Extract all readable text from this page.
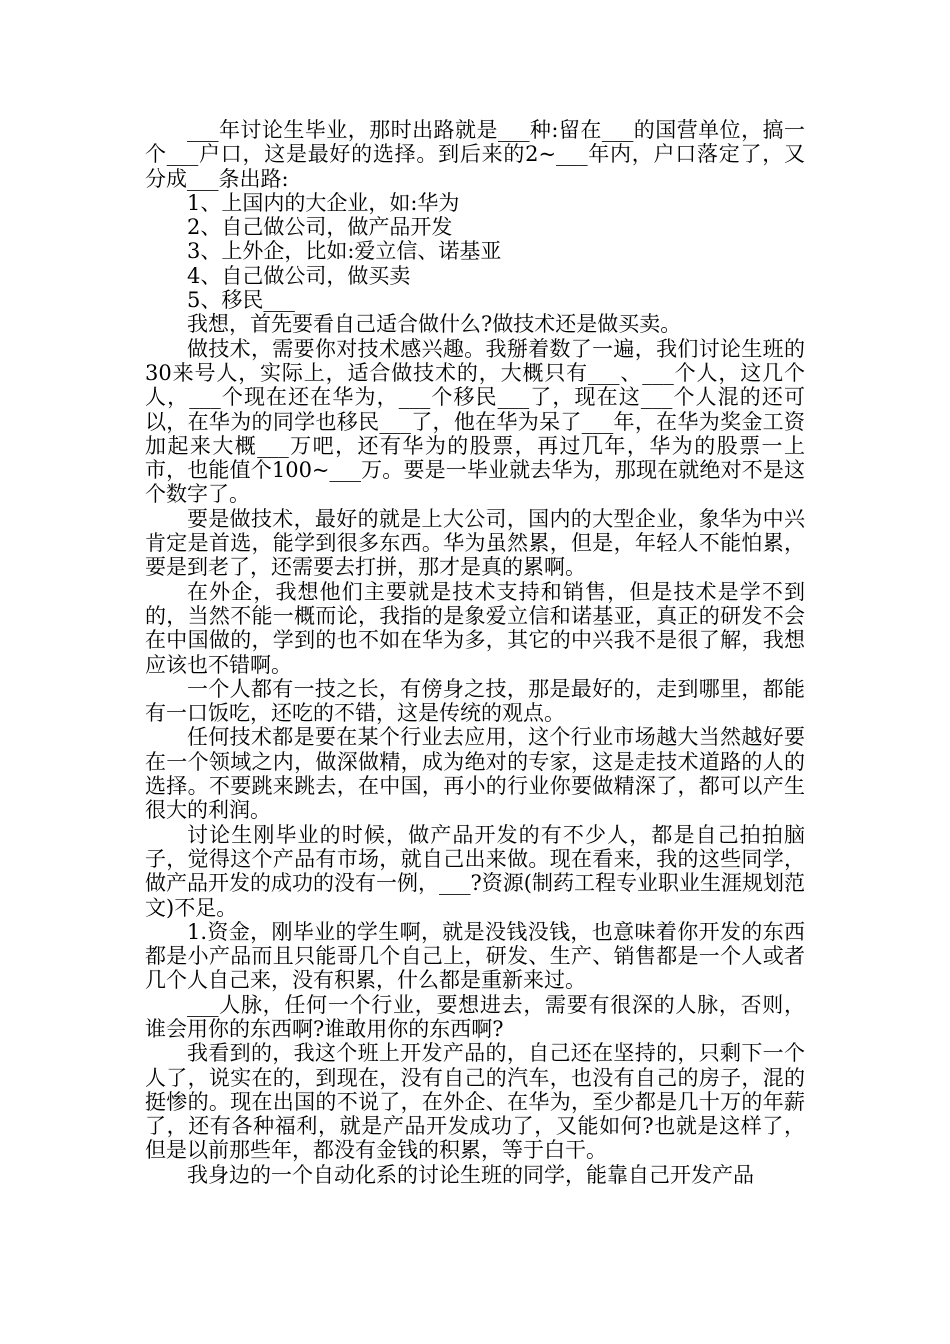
___年讨论生毕业，那时出路就是___种:留在___的国营单位，搞一个___户口，这是最好的选择。到后来的2~___年内，户口落定了，又分成___条出路:

1、上国内的大企业，如:华为

2、自己做公司，做产品开发

3、上外企，比如:爱立信、诺基亚

4、自己做公司，做买卖

5、移民___

我想，首先要看自己适合做什么?做技术还是做买卖。

做技术，需要你对技术感兴趣。我掰着数了一遍，我们讨论生班的30来号人，实际上，适合做技术的，大概只有___、___个人，这几个人，___个现在还在华为，___个移民___了，现在这___个人混的还可以，在华为的同学也移民___了，他在华为呆了___年，在华为奖金工资加起来大概___万吧，还有华为的股票，再过几年，华为的股票一上市，也能值个100~___万。要是一毕业就去华为，那现在就绝对不是这个数字了。

要是做技术，最好的就是上大公司，国内的大型企业，象华为中兴肯定是首选，能学到很多东西。华为虽然累，但是，年轻人不能怕累，要是到老了，还需要去打拼，那才是真的累啊。

在外企，我想他们主要就是技术支持和销售，但是技术是学不到的，当然不能一概而论，我指的是象爱立信和诺基亚，真正的研发不会在中国做的，学到的也不如在华为多，其它的中兴我不是很了解，我想应该也不错啊。

一个人都有一技之长，有傍身之技，那是最好的，走到哪里，都能有一口饭吃，还吃的不错，这是传统的观点。

任何技术都是要在某个行业去应用，这个行业市场越大当然越好要在一个领域之内，做深做精，成为绝对的专家，这是走技术道路的人的选择。不要跳来跳去，在中国，再小的行业你要做精深了，都可以产生很大的利润。

讨论生刚毕业的时候，做产品开发的有不少人，都是自己拍拍脑子，觉得这个产品有市场，就自己出来做。现在看来，我的这些同学，做产品开发的成功的没有一例，___?资源(制药工程专业职业生涯规划范文)不足。

1.资金，刚毕业的学生啊，就是没钱没钱，也意味着你开发的东西都是小产品而且只能哥几个自己上，研发、生产、销售都是一个人或者几个人自己来，没有积累，什么都是重新来过。

___人脉，任何一个行业，要想进去，需要有很深的人脉，否则，谁会用你的东西啊?谁敢用你的东西啊?

我看到的，我这个班上开发产品的，自己还在坚持的，只剩下一个人了，说实在的，到现在，没有自己的汽车，也没有自己的房子，混的挺惨的。现在出国的不说了，在外企、在华为，至少都是几十万的年薪了，还有各种福利，就是产品开发成功了，又能如何?也就是这样了，但是以前那些年，都没有金钱的积累，等于白干。

我身边的一个自动化系的讨论生班的同学，能靠自己开发产品
